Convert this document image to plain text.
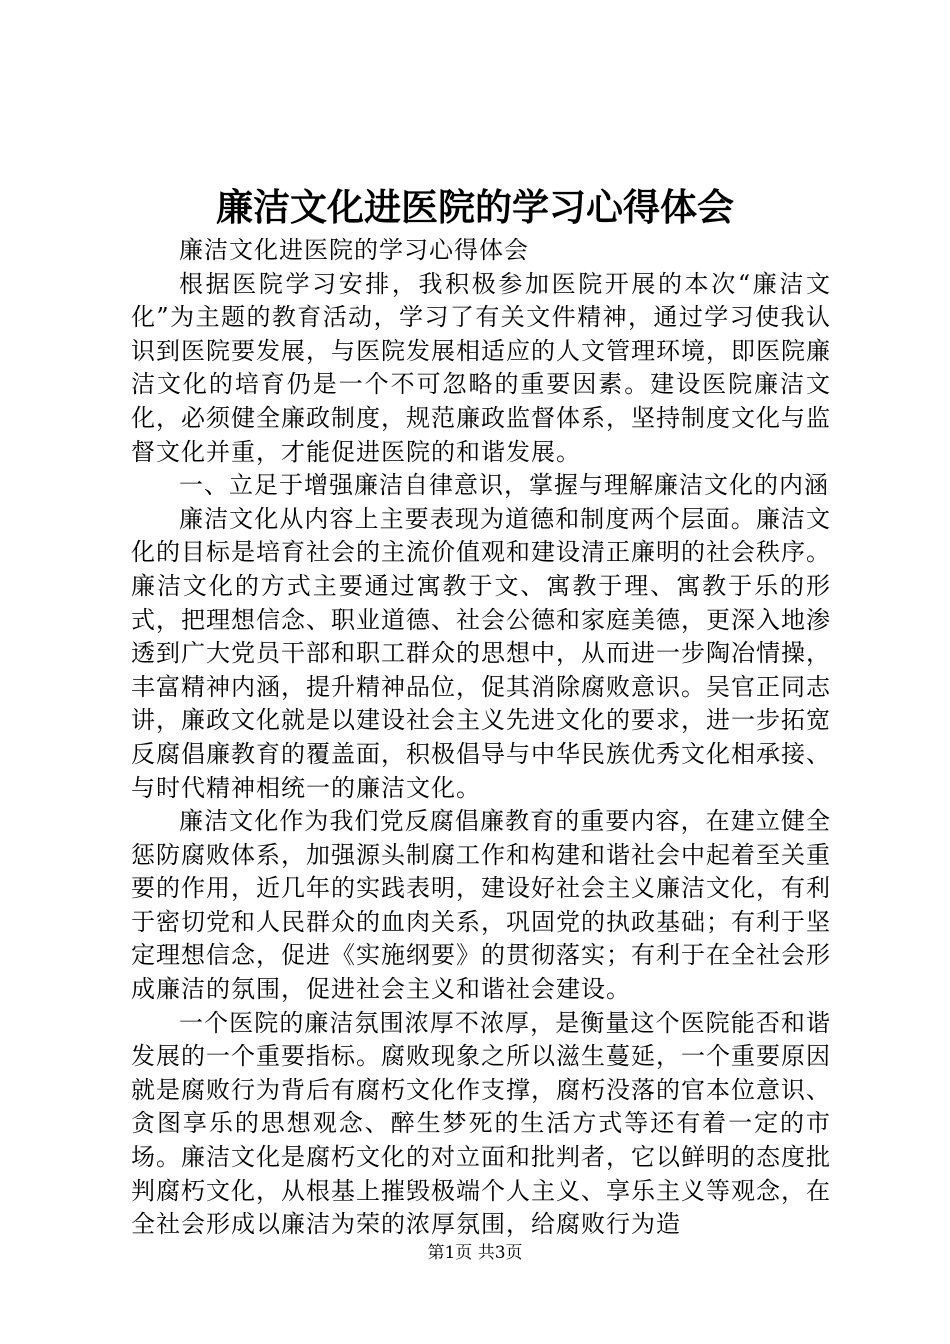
廉洁文化进医院的学习心得体会

廉洁文化进医院的学习心得体会

根据医院学习安排，我积极参加医院开展的本次“廉洁文化”为主题的教育活动，学习了有关文件精神，通过学习使我认识到医院要发展，与医院发展相适应的人文管理环境，即医院廉洁文化的培育仍是一个不可忽略的重要因素。建设医院廉洁文化，必须健全廉政制度，规范廉政监督体系，坚持制度文化与监督文化并重，才能促进医院的和谐发展。

一、立足于增强廉洁自律意识，掌握与理解廉洁文化的内涵

廉洁文化从内容上主要表现为道德和制度两个层面。廉洁文化的目标是培育社会的主流价值观和建设清正廉明的社会秩序。廉洁文化的方式主要通过寓教于文、寓教于理、寓教于乐的形式，把理想信念、职业道德、社会公德和家庭美德，更深入地渗透到广大党员干部和职工群众的思想中，从而进一步陶冶情操，丰富精神内涵，提升精神品位，促其消除腐败意识。吴官正同志讲，廉政文化就是以建设社会主义先进文化的要求，进一步拓宽反腐倡廉教育的覆盖面，积极倡导与中华民族优秀文化相承接、与时代精神相统一的廉洁文化。

廉洁文化作为我们党反腐倡廉教育的重要内容，在建立健全惩防腐败体系，加强源头制腐工作和构建和谐社会中起着至关重要的作用，近几年的实践表明，建设好社会主义廉洁文化，有利于密切党和人民群众的血肉关系，巩固党的执政基础；有利于坚定理想信念，促进《实施纲要》的贯彻落实；有利于在全社会形成廉洁的氛围，促进社会主义和谐社会建设。

一个医院的廉洁氛围浓厚不浓厚，是衡量这个医院能否和谐发展的一个重要指标。腐败现象之所以滋生蔓延，一个重要原因就是腐败行为背后有腐朽文化作支撑，腐朽没落的官本位意识、贪图享乐的思想观念、醉生梦死的生活方式等还有着一定的市场。廉洁文化是腐朽文化的对立面和批判者，它以鲜明的态度批判腐朽文化，从根基上摧毁极端个人主义、享乐主义等观念，在全社会形成以廉洁为荣的浓厚氛围，给腐败行为造

第1页 共3页
